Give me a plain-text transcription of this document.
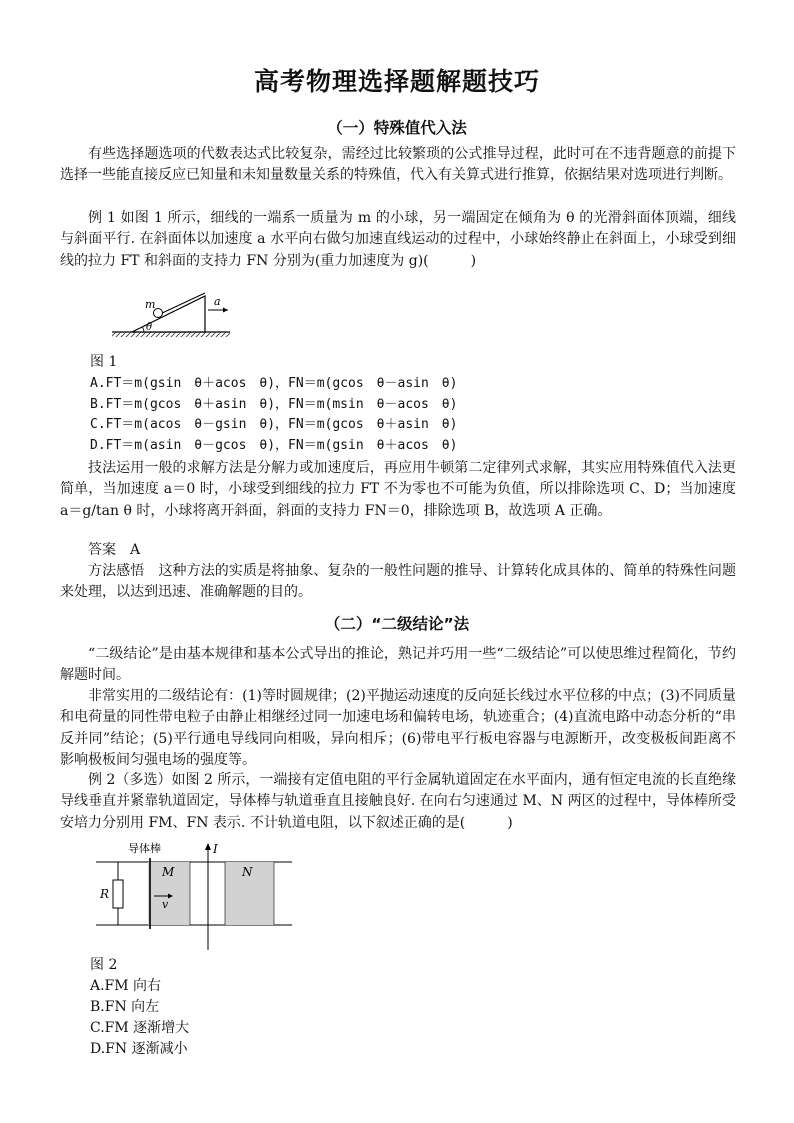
高考物理选择题解题技巧
（一）特殊值代入法

有些选择题选项的代数表达式比较复杂，需经过比较繁琐的公式推导过程，此时可在不违背题意的前提下选择一些能直接反应已知量和未知量数量关系的特殊值，代入有关算式进行推算，依据结果对选项进行判断。

例 1 如图 1 所示，细线的一端系一质量为 m 的小球，另一端固定在倾角为 θ 的光滑斜面体顶端，细线与斜面平行. 在斜面体以加速度 a 水平向右做匀加速直线运动的过程中，小球始终静止在斜面上，小球受到细线的拉力 FT 和斜面的支持力 FN 分别为(重力加速度为 g)(　　　)

m
θ
a

图 1

A.FT＝m(gsin　θ＋acos　θ)，FN＝m(gcos　θ－asin　θ)

B.FT＝m(gcos　θ＋asin　θ)，FN＝m(msin　θ－acos　θ)

C.FT＝m(acos　θ－gsin　θ)，FN＝m(gcos　θ＋asin　θ)

D.FT＝m(asin　θ－gcos　θ)，FN＝m(gsin　θ＋acos　θ)

技法运用一般的求解方法是分解力或加速度后，再应用牛顿第二定律列式求解，其实应用特殊值代入法更简单，当加速度 a＝0 时，小球受到细线的拉力 FT 不为零也不可能为负值，所以排除选项 C、D；当加速度 a＝g/tan θ 时，小球将离开斜面，斜面的支持力 FN＝0，排除选项 B，故选项 A 正确。

答案　A

方法感悟　这种方法的实质是将抽象、复杂的一般性问题的推导、计算转化成具体的、简单的特殊性问题来处理，以达到迅速、准确解题的目的。

（二）“二级结论”法

“二级结论”是由基本规律和基本公式导出的推论，熟记并巧用一些“二级结论”可以使思维过程简化，节约解题时间。

非常实用的二级结论有：(1)等时圆规律；(2)平抛运动速度的反向延长线过水平位移的中点；(3)不同质量和电荷量的同性带电粒子由静止相继经过同一加速电场和偏转电场，轨迹重合；(4)直流电路中动态分析的“串反并同”结论；(5)平行通电导线同向相吸，异向相斥；(6)带电平行板电容器与电源断开，改变极板间距离不影响极板间匀强电场的强度等。

例 2（多选）如图 2 所示，一端接有定值电阻的平行金属轨道固定在水平面内，通有恒定电流的长直绝缘导线垂直并紧靠轨道固定，导体棒与轨道垂直且接触良好. 在向右匀速通过 M、N 两区的过程中，导体棒所受安培力分别用 FM、FN 表示. 不计轨道电阻，以下叙述正确的是(　　　)

R
I
导体棒
M	N
v

图 2

A.FM 向右

B.FN 向左

C.FM 逐渐增大

D.FN 逐渐减小
